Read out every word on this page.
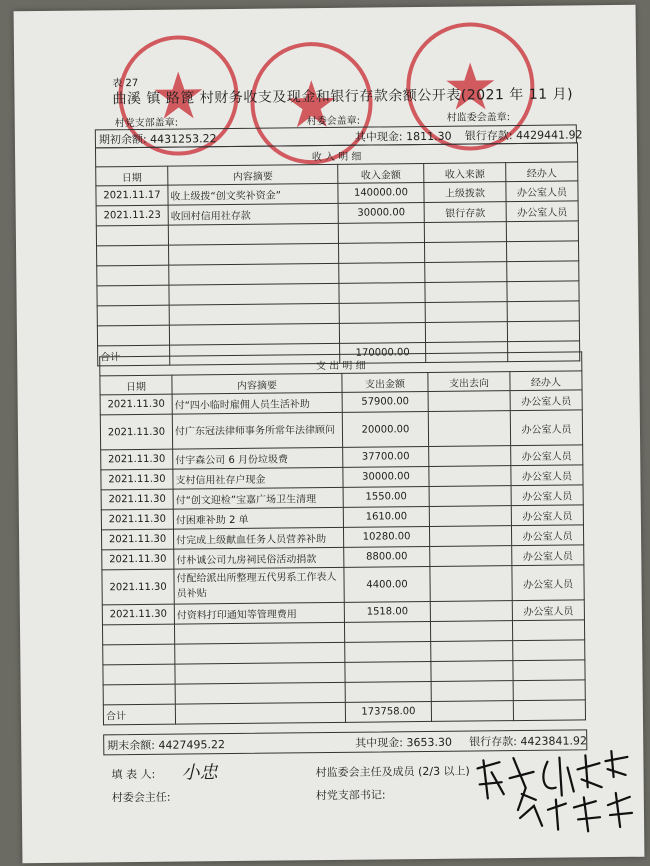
表 27
曲溪 镇 路篦 村财务收支及现金和银行存款余额公开表(2021 年 11 月)
村党支部盖章:	村委会盖章:	村监委会盖章:
期初余额: 4431253.22	其中现金: 1811.30 银行存款: 4429441.92
收 入 明 细				
日期	内容摘要	收入金额	收入来源	经办人
2021.11.17	收上级拨“创文奖补资金”	140000.00	上级拨款	办公室人员
2021.11.23	收回村信用社存款	30000.00	银行存款	办公室人员

合计		170000.00		
支 出 明 细				
日期	内容摘要	支出金额	支出去向	经办人
2021.11.30	付“四小临时雇佣人员生活补助	57900.00		办公室人员
2021.11.30	付广东冠法律师事务所常年法律顾问	20000.00		办公室人员
2021.11.30	付宇森公司 6 月份垃圾费	37700.00		办公室人员
2021.11.30	支村信用社存户现金	30000.00		办公室人员
2021.11.30	付“创文迎检”宝嘉广场卫生清理	1550.00		办公室人员
2021.11.30	付困难补助 2 单	1610.00		办公室人员
2021.11.30	付完成上级献血任务人员营养补助	10280.00		办公室人员
2021.11.30	付朴诚公司九房祠民俗活动捐款	8800.00		办公室人员
2021.11.30	付配给派出所整理五代男系工作表人员补贴	4400.00		办公室人员
2021.11.30	付资料打印通知等管理费用	1518.00		办公室人员

合计		173758.00		
期末余额: 4427495.22	其中现金: 3653.30 银行存款: 4423841.92
填 表 人: 小忠	村监委会主任及成员 (2/3 以上)
村委会主任:	村党支部书记:
